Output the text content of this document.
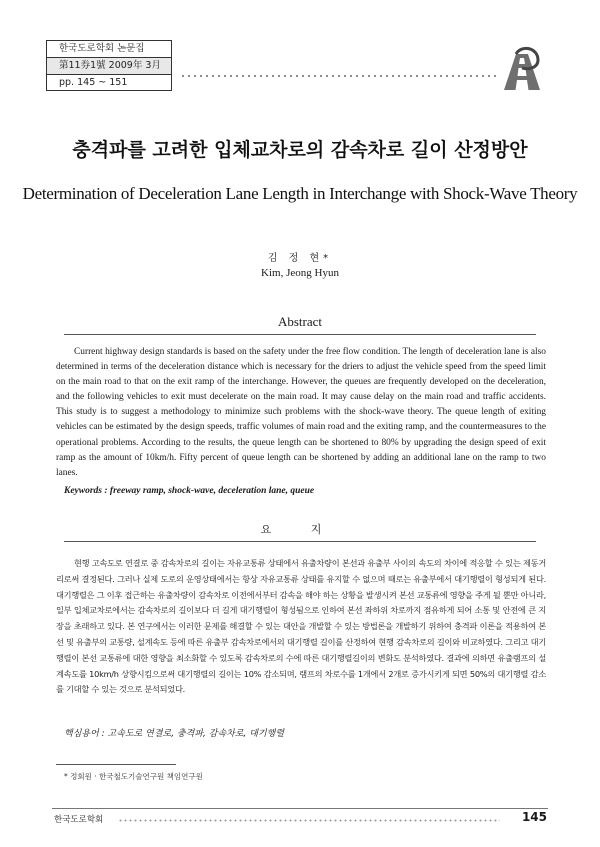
한국도로학회 논문집
第11券1號 2009年 3月
pp. 145 ~ 151
충격파를 고려한 입체교차로의 감속차로 길이 산정방안
Determination of Deceleration Lane Length in Interchange with Shock-Wave Theory
김 정 현*
Kim, Jeong Hyun
Abstract
Current highway design standards is based on the safety under the free flow condition. The length of deceleration lane is also determined in terms of the deceleration distance which is necessary for the driers to adjust the vehicle speed from the speed limit on the main road to that on the exit ramp of the interchange. However, the queues are frequently developed on the deceleration, and the following vehicles to exit must decelerate on the main road. It may cause delay on the main road and traffic accidents. This study is to suggest a methodology to minimize such problems with the shock-wave theory. The queue length of exiting vehicles can be estimated by the design speeds, traffic volumes of main road and the exiting ramp, and the countermeasures to the operational problems. According to the results, the queue length can be shortened to 80% by upgrading the design speed of exit ramp as the amount of 10km/h. Fifty percent of queue length can be shortened by adding an additional lane on the ramp to two lanes.
Keywords : freeway ramp, shock-wave, deceleration lane, queue
요 지
현행 고속도로 연결로 중 감속차로의 길이는 자유교통류 상태에서 유출차량이 본선과 유출부 사이의 속도의 차이에 적응할 수 있는 제동거리로써 결정된다. 그러나 실제 도로의 운영상태에서는 항상 자유교통류 상태를 유지할 수 없으며 때로는 유출부에서 대기행렬이 형성되게 된다. 대기행렬은 그 이후 접근하는 유출차량이 감속차로 이전에서부터 감속을 해야 하는 상황을 발생시켜 본선 교통류에 영향을 주게 될 뿐만 아니라, 일부 입체교차로에서는 감속차로의 길이보다 더 길게 대기행렬이 형성됨으로 인하여 본선 좌하위 차로까지 점유하게 되어 소통 및 안전에 큰 지장을 초래하고 있다. 본 연구에서는 이러한 문제를 해결할 수 있는 대안을 개발할 수 있는 방법론을 개발하기 위하여 충격파 이론을 적용하여 본선 및 유출부의 교통량, 설계속도 등에 따른 유출부 감속차로에서의 대기행렬 길이를 산정하여 현행 감속차로의 길이와 비교하였다. 그리고 대기행렬이 본선 교통류에 대한 영향을 최소화할 수 있도록 감속차로의 수에 따른 대기행렬길이의 변화도 분석하였다. 결과에 의하면 유출램프의 설계속도를 10km/h 상향시킴으로써 대기행렬의 길이는 10% 감소되며, 램프의 차로수를 1개에서 2개로 증가시키게 되면 50%의 대기행렬 감소를 기대할 수 있는 것으로 분석되었다.
핵심용어 : 고속도로 연결로, 충격파, 감속차로, 대기행렬
* 정회원 · 한국철도기술연구원 책임연구원
한국도로학회	145
